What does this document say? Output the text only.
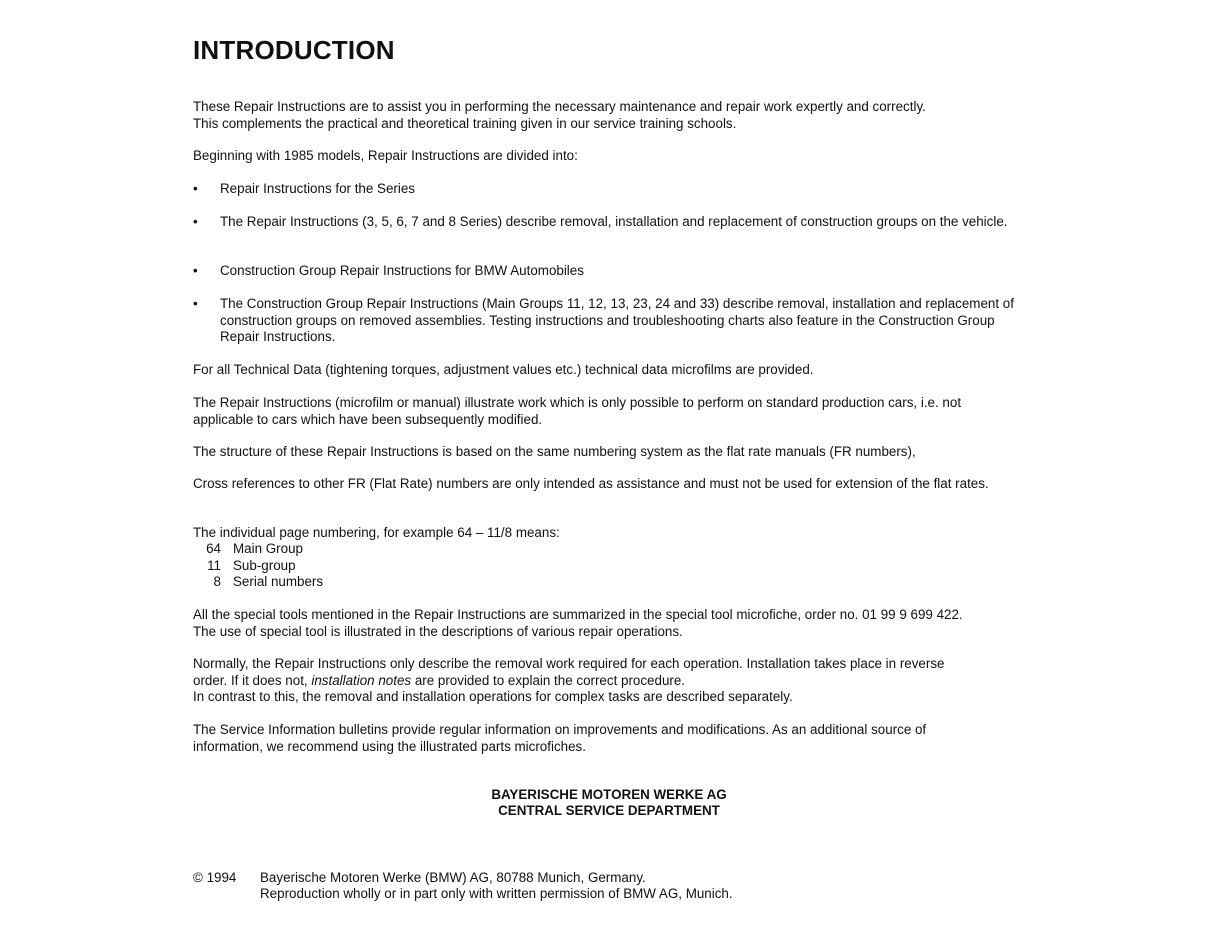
INTRODUCTION

These Repair Instructions are to assist you in performing the necessary maintenance and repair work expertly and correctly.

This complements the practical and theoretical training given in our service training schools.

Beginning with 1985 models, Repair Instructions are divided into:

•	Repair Instructions for the Series
•	The Repair Instructions (3, 5, 6, 7 and 8 Series) describe removal, installation and replacement of construction groups on the vehicle.
•	Construction Group Repair Instructions for BMW Automobiles
•	The Construction Group Repair Instructions (Main Groups 11, 12, 13, 23, 24 and 33) describe removal, installation and replacement of construction groups on removed assemblies. Testing instructions and troubleshooting charts also feature in the Construction Group Repair Instructions.

For all Technical Data (tightening torques, adjustment values etc.) technical data microfilms are provided.

The Repair Instructions (microfilm or manual) illustrate work which is only possible to perform on standard production cars, i.e. not applicable to cars which have been subsequently modified.

The structure of these Repair Instructions is based on the same numbering system as the flat rate manuals (FR numbers),

Cross references to other FR (Flat Rate) numbers are only intended as assistance and must not be used for extension of the flat rates.

The individual page numbering, for example 64 – 11/8 means:

64 Main Group
11 Sub-group
8 Serial numbers

All the special tools mentioned in the Repair Instructions are summarized in the special tool microfiche, order no. 01 99 9 699 422.

The use of special tool is illustrated in the descriptions of various repair operations.

Normally, the Repair Instructions only describe the removal work required for each operation. Installation takes place in reverse

order. If it does not, installation notes are provided to explain the correct procedure.

In contrast to this, the removal and installation operations for complex tasks are described separately.

The Service Information bulletins provide regular information on improvements and modifications. As an additional source of information, we recommend using the illustrated parts microfiches.

BAYERISCHE MOTOREN WERKE AG
CENTRAL SERVICE DEPARTMENT
© 1994 Bayerische Motoren Werke (BMW) AG, 80788 Munich, Germany.
Reproduction wholly or in part only with written permission of BMW AG, Munich.
